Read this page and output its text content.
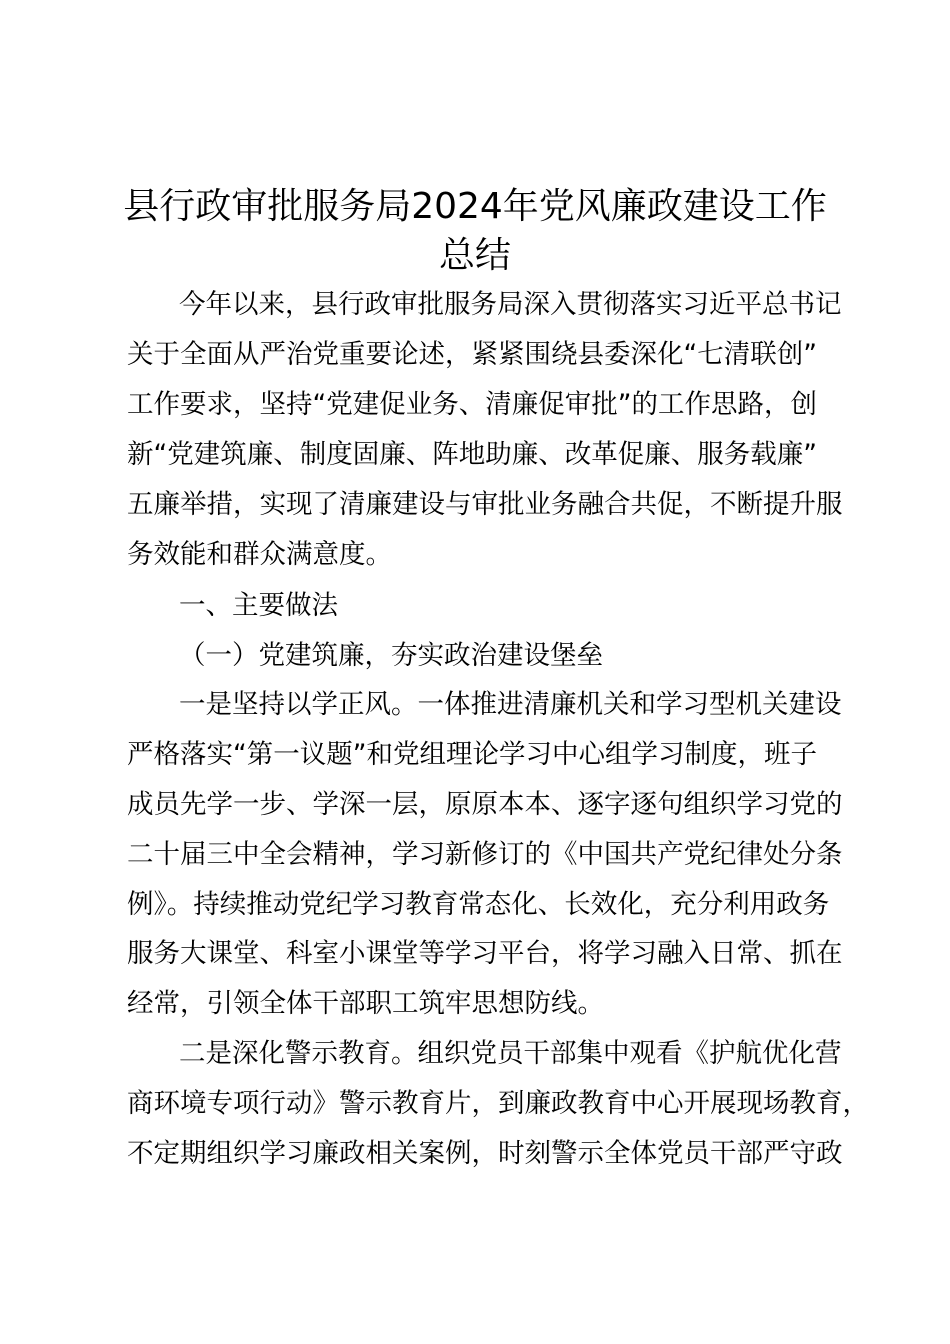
县行政审批服务局2024年党风廉政建设工作
总结

今年以来，县行政审批服务局深入贯彻落实习近平总书记

关于全面从严治党重要论述，紧紧围绕县委深化“七清联创”

工作要求，坚持“党建促业务、清廉促审批”的工作思路，创

新“党建筑廉、制度固廉、阵地助廉、改革促廉、服务载廉”

五廉举措，实现了清廉建设与审批业务融合共促，不断提升服

务效能和群众满意度。

一、主要做法

（一）党建筑廉，夯实政治建设堡垒

一是坚持以学正风。一体推进清廉机关和学习型机关建设

严格落实“第一议题”和党组理论学习中心组学习制度，班子

成员先学一步、学深一层，原原本本、逐字逐句组织学习党的

二十届三中全会精神，学习新修订的《中国共产党纪律处分条

例》。持续推动党纪学习教育常态化、长效化，充分利用政务

服务大课堂、科室小课堂等学习平台，将学习融入日常、抓在

经常，引领全体干部职工筑牢思想防线。

二是深化警示教育。组织党员干部集中观看《护航优化营

商环境专项行动》警示教育片，到廉政教育中心开展现场教育，

不定期组织学习廉政相关案例，时刻警示全体党员干部严守政
